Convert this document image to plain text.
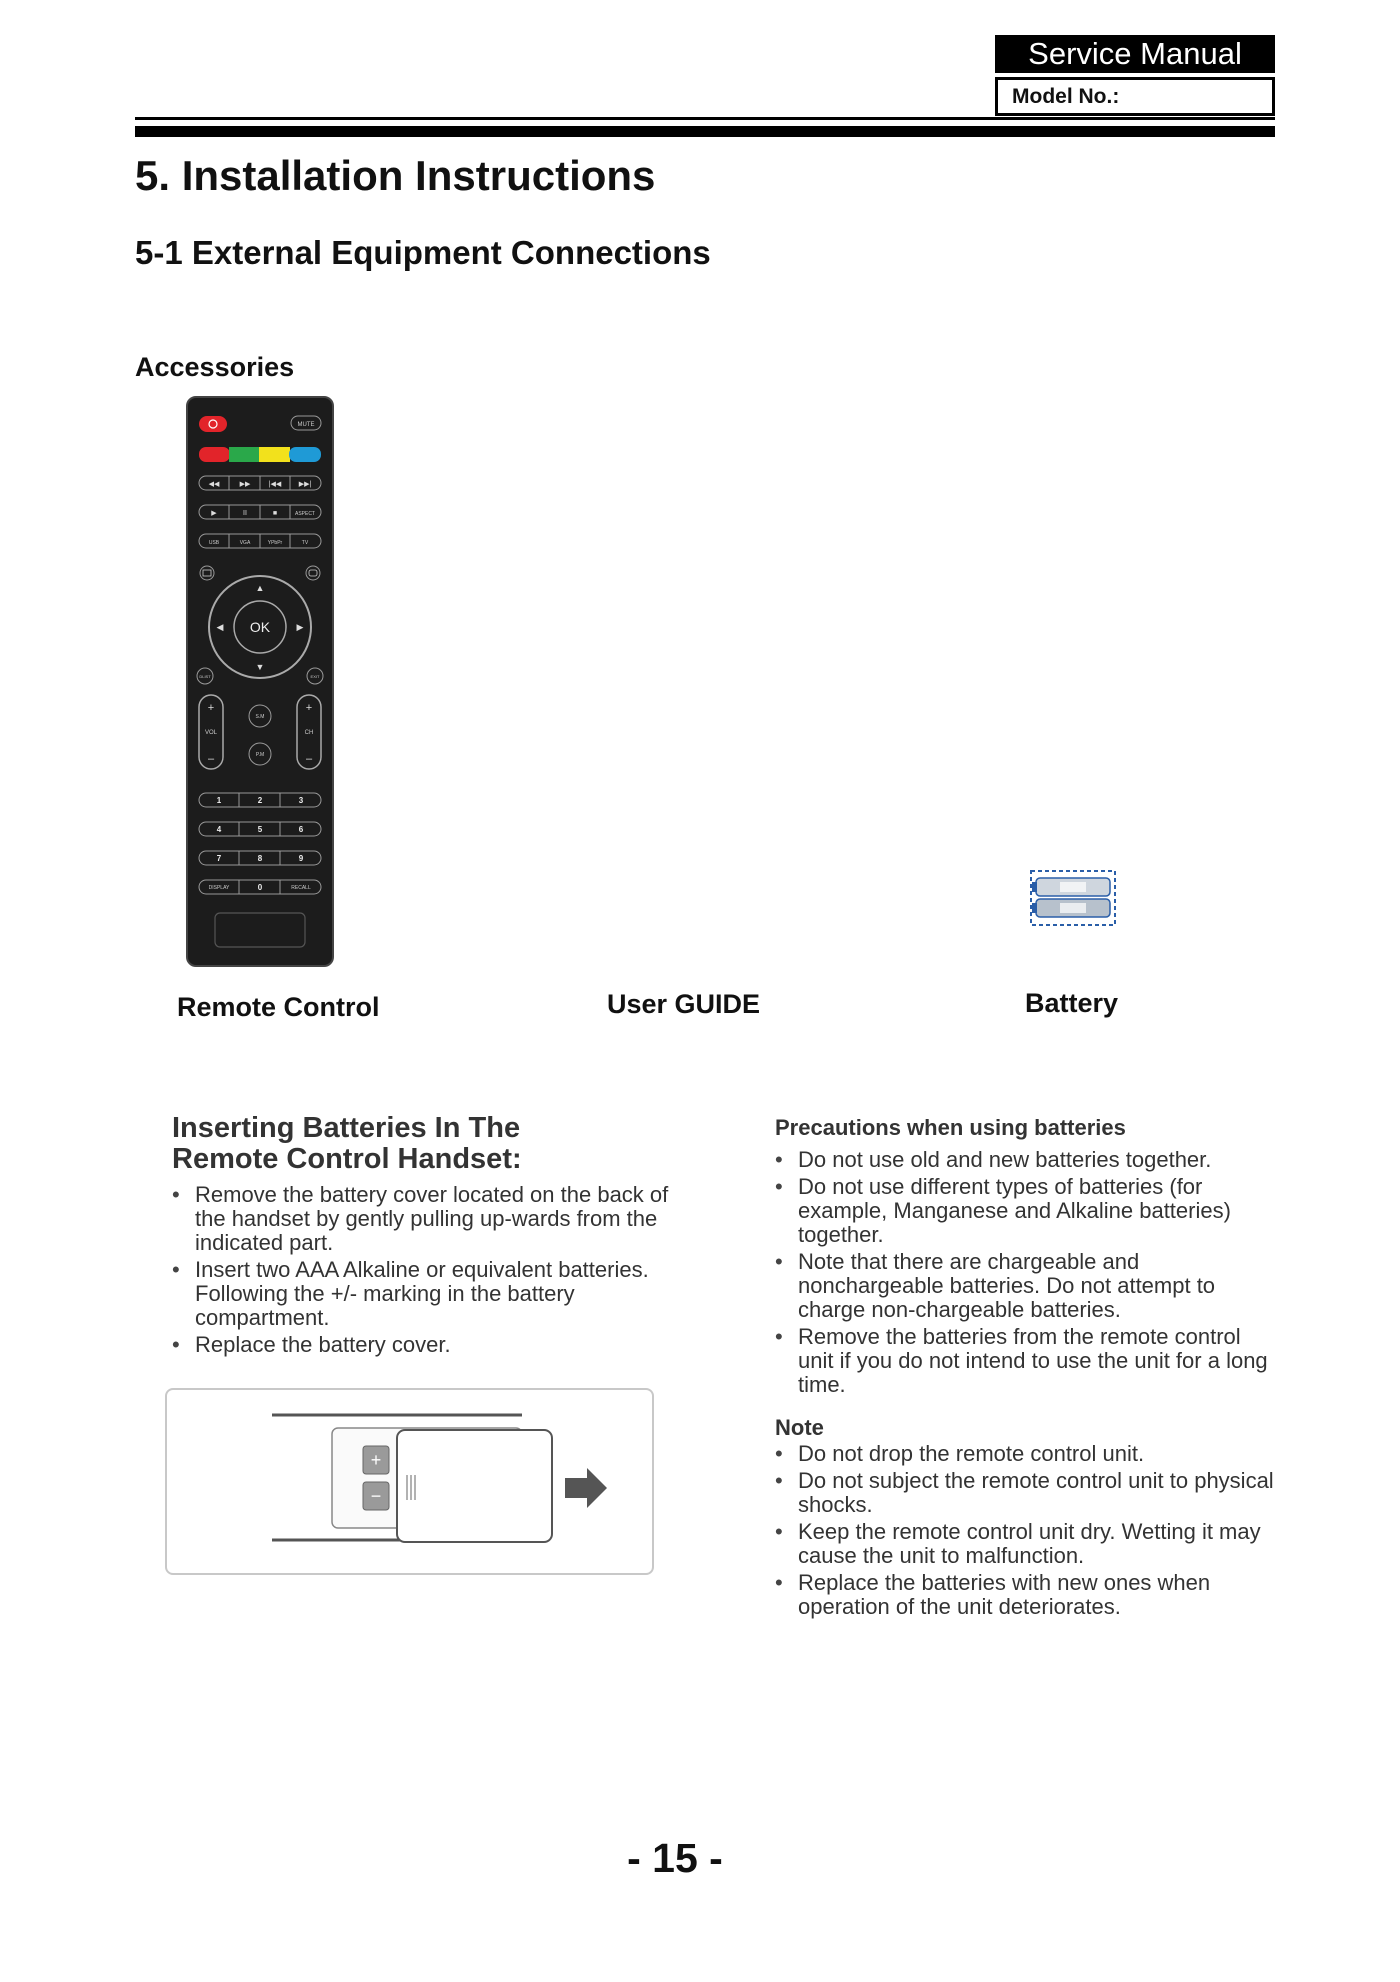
Service Manual
Model No.:
5. Installation Instructions
5-1 External Equipment Connections
Accessories
MUTE
◀◀	▶▶	|◀◀ ▶▶|
▶	II	■	ASPECT
USB	VGA	YPbPr	TV
OK
▲
▼
◀	▶
DLIST	EXIT
+
VOL
–
+
CH
–
S.M
P.M
1	2	3
4	5	6
7	8	9
DISPLAY	0	RECALL
Remote Control	User GUIDE	Battery
Inserting Batteries In The
Remote Control Handset:
• Remove the battery cover located on the back of the handset by gently pulling up-wards from the indicated part.
• Insert two AAA Alkaline or equivalent batteries. Following the +/- marking in the battery compartment.
• Replace the battery cover.
+
−
Precautions when using batteries
• Do not use old and new batteries together.
• Do not use different types of batteries (for example, Manganese and Alkaline batteries) together.
• Note that there are chargeable and nonchargeable batteries. Do not attempt to charge non-chargeable batteries.
• Remove the batteries from the remote control unit if you do not intend to use the unit for a long time.
Note
• Do not drop the remote control unit.
• Do not subject the remote control unit to physical shocks.
• Keep the remote control unit dry. Wetting it may cause the unit to malfunction.
• Replace the batteries with new ones when operation of the unit deteriorates.
- 15 -
